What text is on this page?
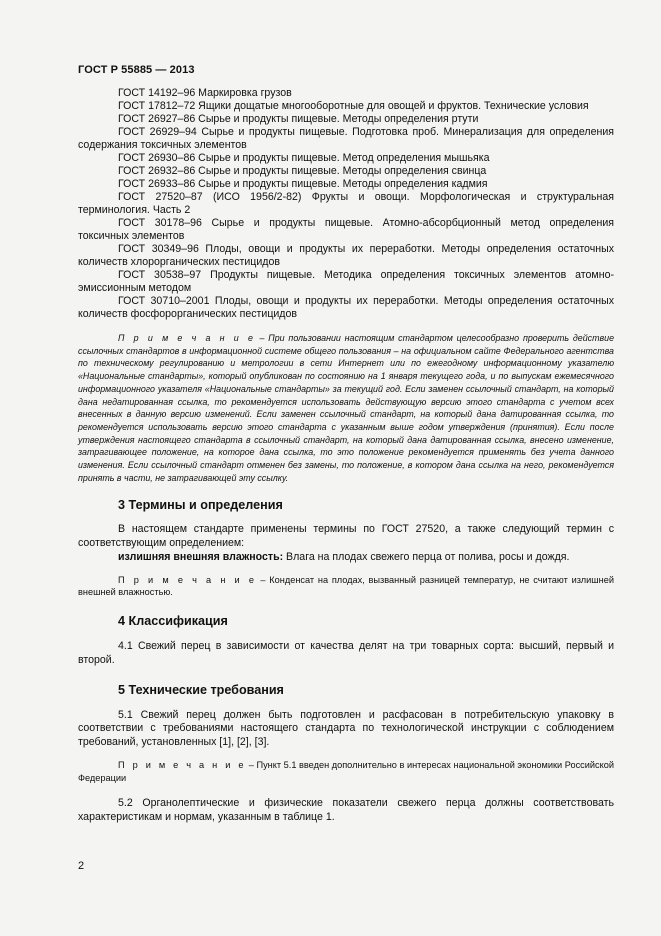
ГОСТ Р 55885 — 2013

ГОСТ 14192–96 Маркировка грузов

ГОСТ 17812–72 Ящики дощатые многооборотные для овощей и фруктов. Технические условия

ГОСТ 26927–86 Сырье и продукты пищевые. Методы определения ртути

ГОСТ 26929–94 Сырье и продукты пищевые. Подготовка проб. Минерализация для определения содержания токсичных элементов

ГОСТ 26930–86 Сырье и продукты пищевые. Метод определения мышьяка

ГОСТ 26932–86 Сырье и продукты пищевые. Методы определения свинца

ГОСТ 26933–86 Сырье и продукты пищевые. Методы определения кадмия

ГОСТ 27520–87 (ИСО 1956/2-82) Фрукты и овощи. Морфологическая и структуральная терминология. Часть 2

ГОСТ 30178–96 Сырье и продукты пищевые. Атомно-абсорбционный метод определения токсичных элементов

ГОСТ 30349–96 Плоды, овощи и продукты их переработки. Методы определения остаточных количеств хлорорганических пестицидов

ГОСТ 30538–97 Продукты пищевые. Методика определения токсичных элементов атомно-эмиссионным методом

ГОСТ 30710–2001 Плоды, овощи и продукты их переработки. Методы определения остаточных количеств фосфорорганических пестицидов

П р и м е ч а н и е – При пользовании настоящим стандартом целесообразно проверить действие ссылочных стандартов в информационной системе общего пользования – на официальном сайте Федерального агентства по техническому регулированию и метрологии в сети Интернет или по ежегодному информационному указателю «Национальные стандарты», который опубликован по состоянию на 1 января текущего года, и по выпускам ежемесячного информационного указателя «Национальные стандарты» за текущий год. Если заменен ссылочный стандарт, на который дана недатированная ссылка, то рекомендуется использовать действующую версию этого стандарта с учетом всех внесенных в данную версию изменений. Если заменен ссылочный стандарт, на который дана датированная ссылка, то рекомендуется использовать версию этого стандарта с указанным выше годом утверждения (принятия). Если после утверждения настоящего стандарта в ссылочный стандарт, на который дана датированная ссылка, внесено изменение, затрагивающее положение, на которое дана ссылка, то это положение рекомендуется применять без учета данного изменения. Если ссылочный стандарт отменен без замены, то положение, в котором дана ссылка на него, рекомендуется принять в части, не затрагивающей эту ссылку.

3 Термины и определения

В настоящем стандарте применены термины по ГОСТ 27520, а также следующий термин с соответствующим определением:

излишняя внешняя влажность: Влага на плодах свежего перца от полива, росы и дождя.

П р и м е ч а н и е – Конденсат на плодах, вызванный разницей температур, не считают излишней внешней влажностью.

4 Классификация

4.1 Свежий перец в зависимости от качества делят на три товарных сорта: высший, первый и второй.

5 Технические требования

5.1 Свежий перец должен быть подготовлен и расфасован в потребительскую упаковку в соответствии с требованиями настоящего стандарта по технологической инструкции с соблюдением требований, установленных [1], [2], [3].

П р и м е ч а н и е – Пункт 5.1 введен дополнительно в интересах национальной экономики Российской Федерации

5.2 Органолептические и физические показатели свежего перца должны соответствовать характеристикам и нормам, указанным в таблице 1.

2
